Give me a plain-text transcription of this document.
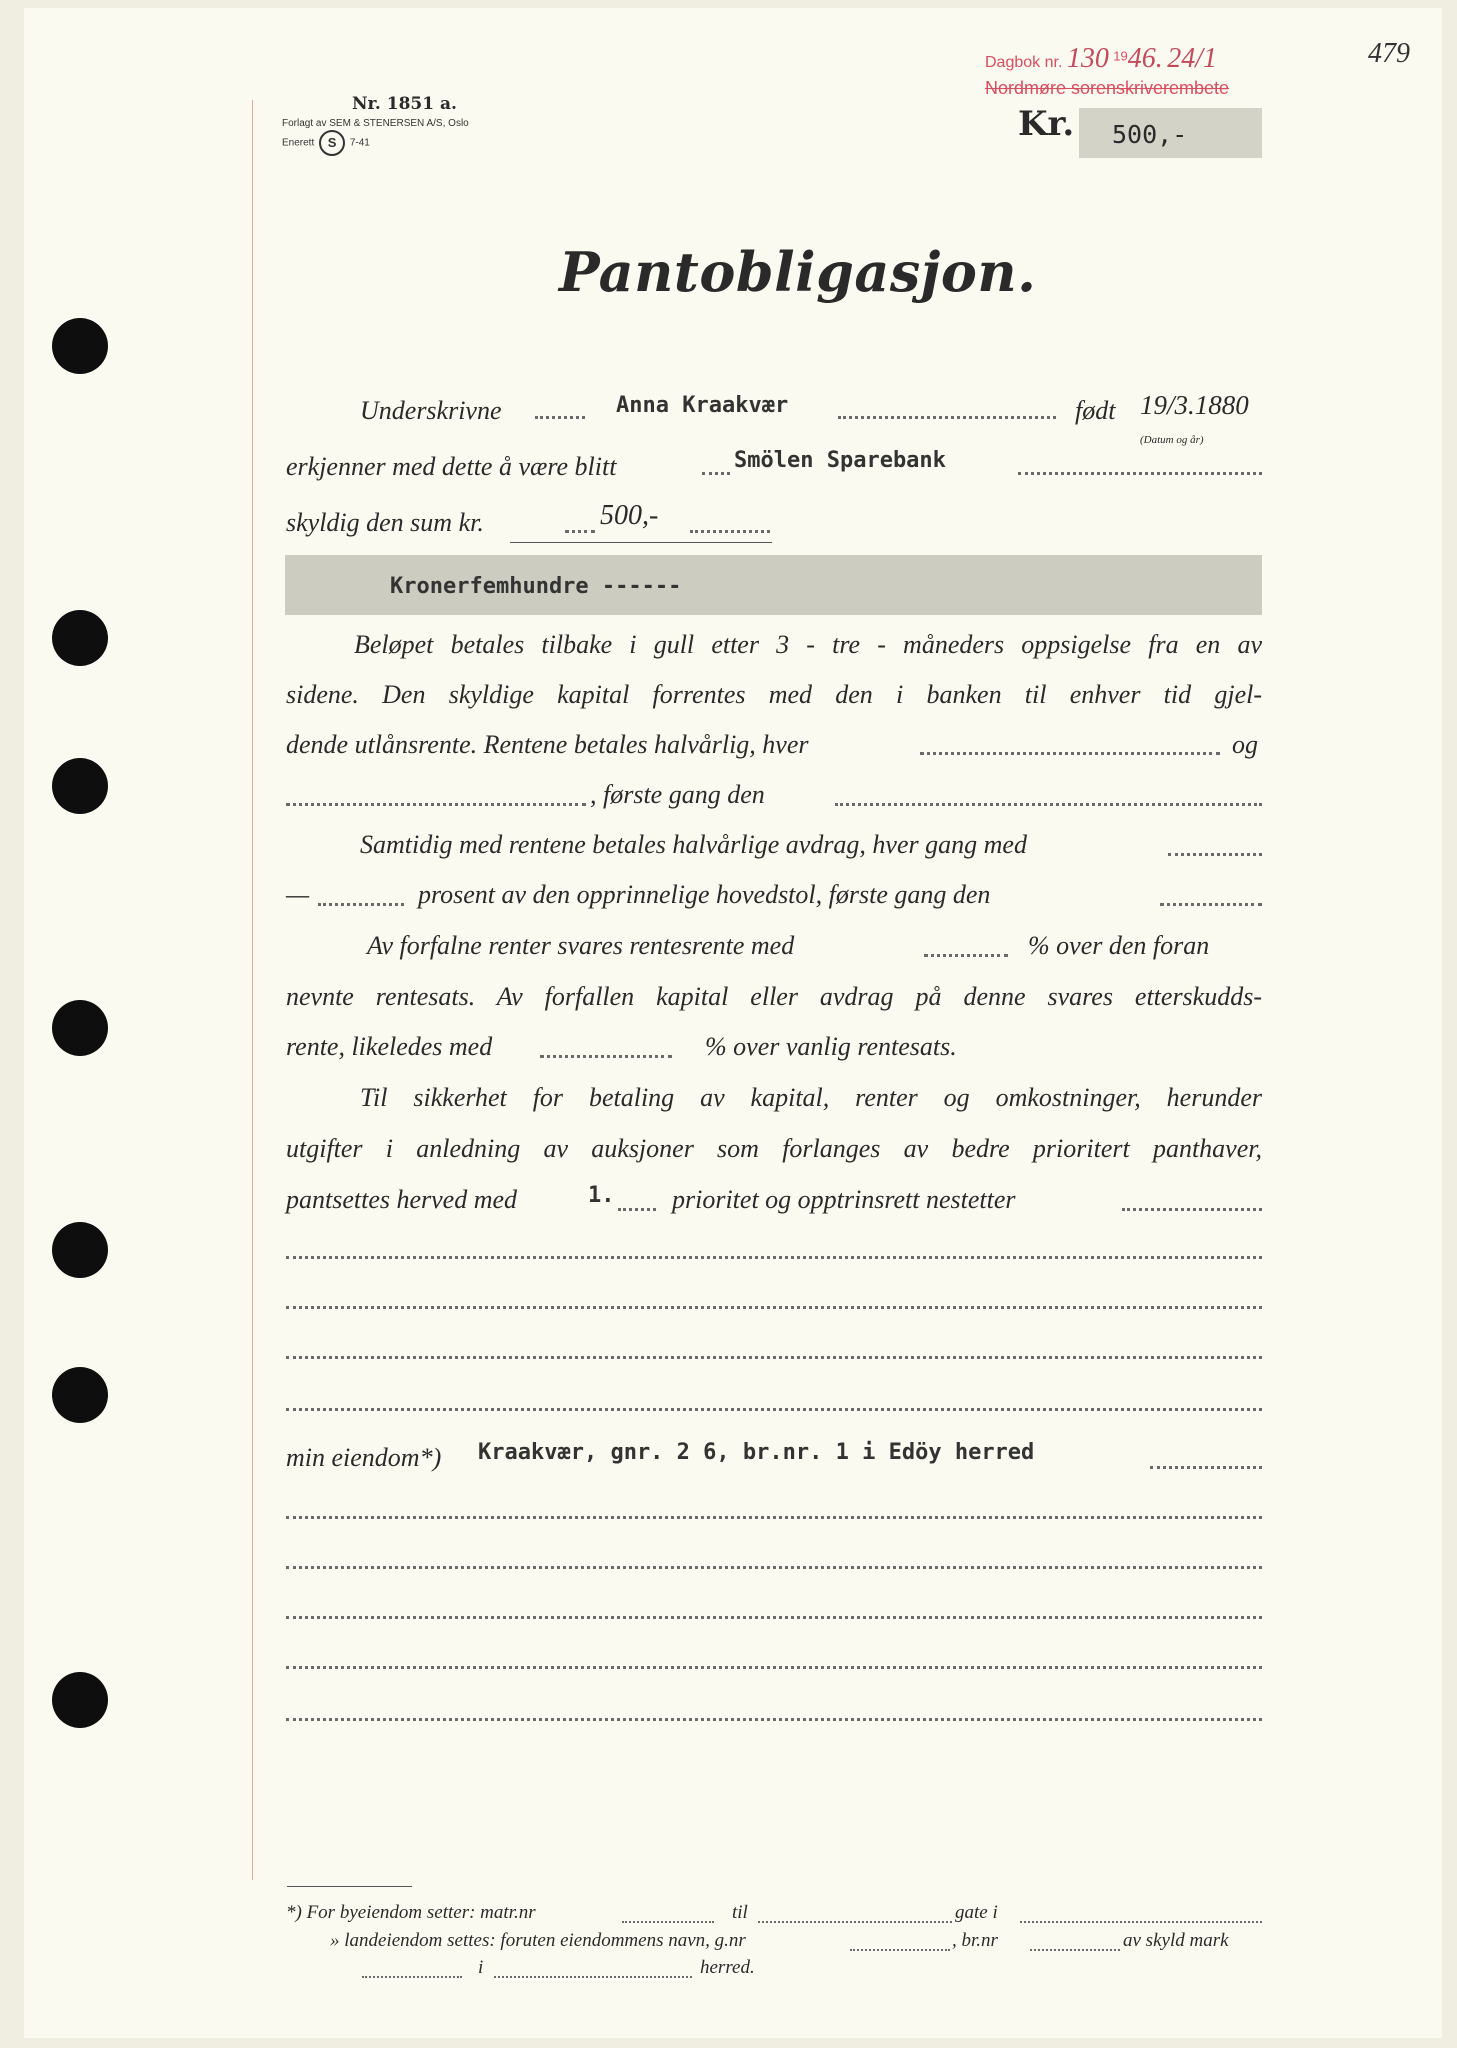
Nr. 1851 a.
Forlagt av SEM & STENERSEN A/S, Oslo
Enerett S 7-41
Dagbok nr. 130 $^{19}$46. 24/1
Nordmøre sorenskriverembete
479
Kr. 500,-
Pantobligasjon.
Underskrivne	Anna Kraakvær	født 19/3.1880
(Datum og år)
erkjenner med dette å være blitt	Smölen Sparebank
skyldig den sum kr.	500,-
Kronerfemhundre ------
Beløpet betales tilbake i gull etter 3 - tre - måneders oppsigelse fra en av
sidene. Den skyldige kapital forrentes med den i banken til enhver tid gjel-
dende utlånsrente. Rentene betales halvårlig, hver	og
, første gang den
Samtidig med rentene betales halvårlige avdrag, hver gang med
—	prosent av den opprinnelige hovedstol, første gang den
Av forfalne renter svares rentesrente med	% over den foran
nevnte rentesats. Av forfallen kapital eller avdrag på denne svares etterskudds-
rente, likeledes med	% over vanlig rentesats.
Til sikkerhet for betaling av kapital, renter og omkostninger, herunder
utgifter i anledning av auksjoner som forlanges av bedre prioritert panthaver,
pantsettes herved med	1. prioritet og opptrinsrett nestetter
min eiendom*) Kraakvær, gnr. 2 6, br.nr. 1 i Edöy herred
*) For byeiendom setter: matr.nr	til	gate i
» landeiendom settes: foruten eiendommens navn, g.nr	, br.nr	av skyld mark
i	herred.
